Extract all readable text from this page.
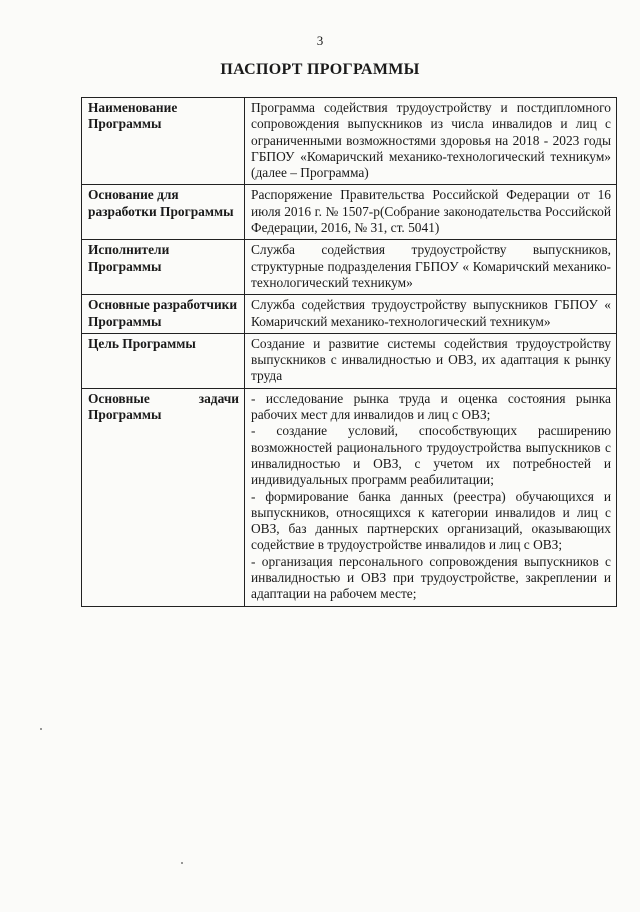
3
ПАСПОРТ ПРОГРАММЫ
Наименование Программы	Программа содействия трудоустройству и постдипломного сопровождения выпускников из числа инвалидов и лиц с ограниченными возможностями здоровья на 2018 - 2023 годы ГБПОУ «Комаричский механико-технологический техникум» (далее – Программа)
Основание для разработки Программы	Распоряжение Правительства Российской Федерации от 16 июля 2016 г. № 1507-р(Собрание законодательства Российской Федерации, 2016, № 31, ст. 5041)
Исполнители Программы	Служба содействия трудоустройству выпускников, структурные подразделения ГБПОУ « Комаричский механико-технологический техникум»
Основные разработчики Программы	Служба содействия трудоустройству выпускников ГБПОУ « Комаричский механико-технологический техникум»
Цель Программы	Создание и развитие системы содействия трудоустройству выпускников с инвалидностью и ОВЗ, их адаптация к рынку труда

Основные задачи Программы	- исследование рынка труда и оценка состояния рынка рабочих мест для инвалидов и лиц с ОВЗ;
- создание условий, способствующих расширению возможностей рационального трудоустройства выпускников с инвалидностью и ОВЗ, с учетом их потребностей и индивидуальных программ реабилитации;
- формирование банка данных (реестра) обучающихся и выпускников, относящихся к категории инвалидов и лиц с ОВЗ, баз данных партнерских организаций, оказывающих содействие в трудоустройстве инвалидов и лиц с ОВЗ;
- организация персонального сопровождения выпускников с инвалидностью и ОВЗ при трудоустройстве, закреплении и адаптации на рабочем месте;
